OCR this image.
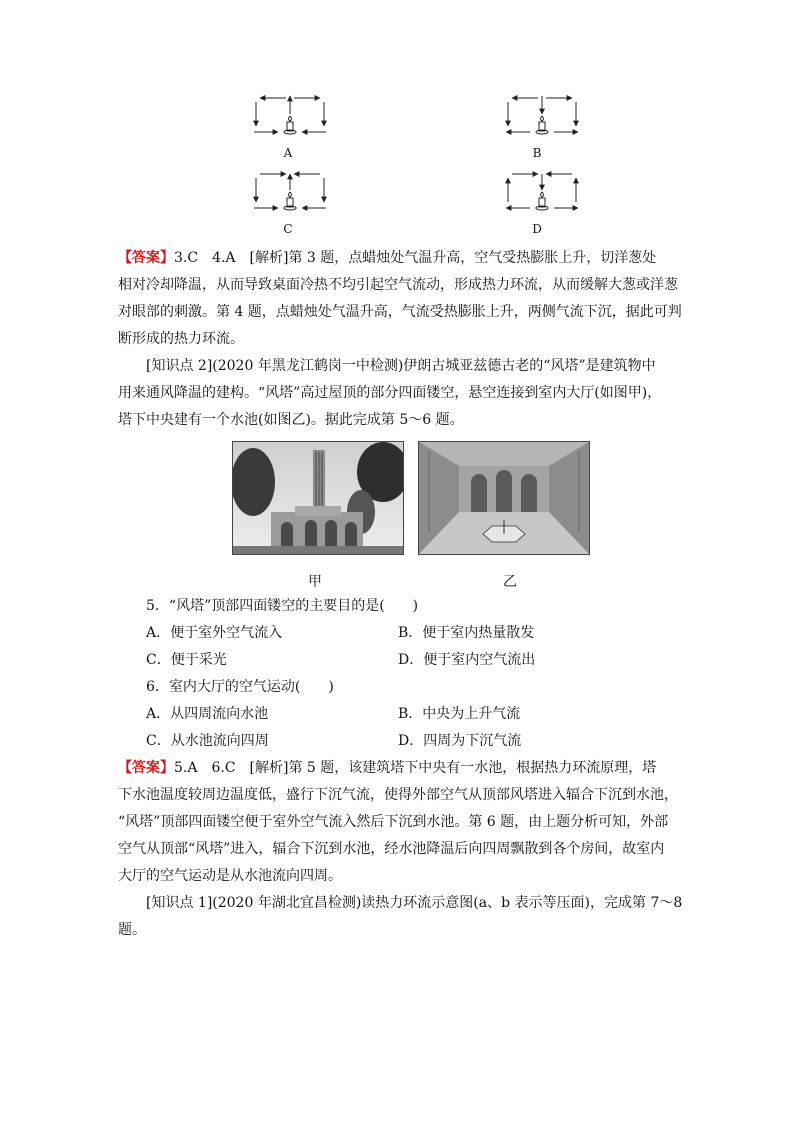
A	B
C	D
【答案】3.C　4.A　[解析]第 3 题，点蜡烛处气温升高，空气受热膨胀上升，切洋葱处
相对冷却降温，从而导致桌面冷热不均引起空气流动，形成热力环流，从而缓解大葱或洋葱
对眼部的刺激。第 4 题，点蜡烛处气温升高，气流受热膨胀上升，两侧气流下沉，据此可判
断形成的热力环流。
[知识点 2](2020 年黑龙江鹤岗一中检测)伊朗古城亚兹德古老的“风塔”是建筑物中
用来通风降温的建构。“风塔”高过屋顶的部分四面镂空，悬空连接到室内大厅(如图甲)，
塔下中央建有一个水池(如图乙)。据此完成第 5～6 题。
甲	乙
5．“风塔”顶部四面镂空的主要目的是(　　)
A．便于室外空气流入	B．便于室内热量散发
C．便于采光	D．便于室内空气流出
6．室内大厅的空气运动(　　)
A．从四周流向水池	B．中央为上升气流
C．从水池流向四周	D．四周为下沉气流
【答案】5.A　6.C　[解析]第 5 题，该建筑塔下中央有一水池，根据热力环流原理，塔
下水池温度较周边温度低，盛行下沉气流，使得外部空气从顶部风塔进入辐合下沉到水池，
“风塔”顶部四面镂空便于室外空气流入然后下沉到水池。第 6 题，由上题分析可知，外部
空气从顶部“风塔”进入，辐合下沉到水池，经水池降温后向四周飘散到各个房间，故室内
大厅的空气运动是从水池流向四周。
[知识点 1](2020 年湖北宜昌检测)读热力环流示意图(a、b 表示等压面)，完成第 7～8
题。
